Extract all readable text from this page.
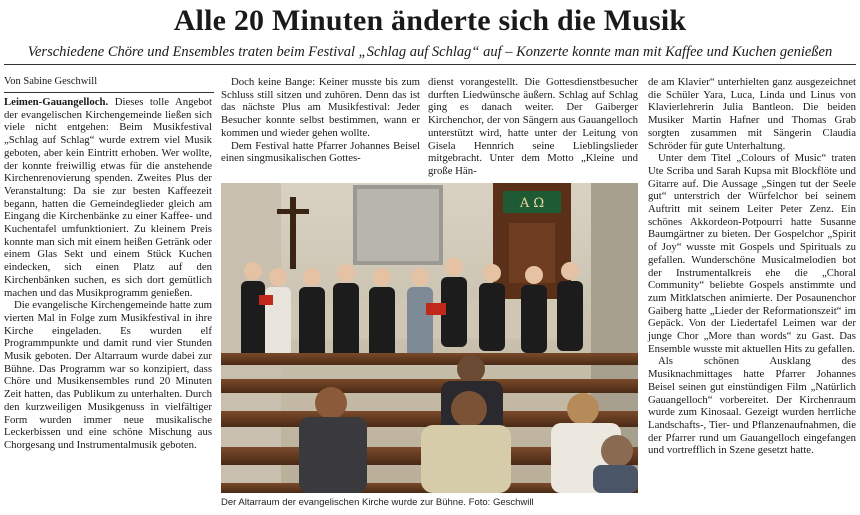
Alle 20 Minuten änderte sich die Musik
Verschiedene Chöre und Ensembles traten beim Festival „Schlag auf Schlag“ auf – Konzerte konnte man mit Kaffee und Kuchen genießen
Von Sabine Geschwill

Leimen-Gauangelloch. Dieses tolle Angebot der evangelischen Kirchengemeinde ließen sich viele nicht entgehen: Beim Musikfestival „Schlag auf Schlag“ wurde extrem viel Musik geboten, aber kein Eintritt erhoben. Wer wollte, der konnte freiwillig etwas für die anstehende Kirchenrenovierung spenden. Zweites Plus der Veranstaltung: Da sie zur besten Kaffeezeit begann, hatten die Gemeindeglieder gleich am Eingang die Kirchenbänke zu einer Kaffee- und Kuchentafel umfunktioniert. Zu kleinem Preis konnte man sich mit einem heißen Getränk oder einem Glas Sekt und einem Stück Kuchen eindecken, sich einen Platz auf den Kirchenbänken suchen, es sich dort gemütlich machen und das Musikprogramm genießen.

Die evangelische Kirchengemeinde hatte zum vierten Mal in Folge zum Musikfestival in ihre Kirche eingeladen. Es wurden elf Programmpunkte und damit rund vier Stunden Musik geboten. Der Altarraum wurde dabei zur Bühne. Das Programm war so konzipiert, dass Chöre und Musikensembles rund 20 Minuten Zeit hatten, das Publikum zu unterhalten. Durch den kurzweiligen Musikgenuss in vielfältiger Form wurden immer neue musikalische Leckerbissen und eine schöne Mischung aus Chorgesang und Instrumentalmusik geboten.

Doch keine Bange: Keiner musste bis zum Schluss still sitzen und zuhören. Denn das ist das nächste Plus am Musikfestival: Jeder Besucher konnte selbst bestimmen, wann er kommen und wieder gehen wollte.

Dem Festival hatte Pfarrer Johannes Beisel einen singmusikalischen Gottes-

dienst vorangestellt. Die Gottesdienstbesucher durften Liedwünsche äußern. Schlag auf Schlag ging es danach weiter. Der Gaiberger Kirchenchor, der von Sängern aus Gauangelloch unterstützt wird, hatte unter der Leitung von Gisela Hennrich seine Lieblingslieder mitgebracht. Unter dem Motto „Kleine und große Hän-

de am Klavier“ unterhielten ganz ausgezeichnet die Schüler Yara, Luca, Linda und Linus von Klavierlehrerin Julia Bantleon. Die beiden Musiker Martin Hafner und Thomas Grab sorgten zusammen mit Sängerin Claudia Schröder für gute Unterhaltung.

Unter dem Titel „Colours of Music“ traten Ute Scriba und Sarah Kupsa mit Blockflöte und Gitarre auf. Die Aussage „Singen tut der Seele gut“ unterstrich der Würfelchor bei seinem Auftritt mit seinem Leiter Peter Zenz. Ein schönes Akkordeon-Potpourri hatte Susanne Baumgärtner zu bieten. Der Gospelchor „Spirit of Joy“ wusste mit Gospels und Spirituals zu gefallen. Wunderschöne Musicalmelodien bot der Instrumentalkreis ehe die „Choral Community“ beliebte Gospels anstimmte und zum Mitklatschen animierte. Der Posaunenchor Gaiberg hatte „Lieder der Reformationszeit“ im Gepäck. Von der Liedertafel Leimen war der junge Chor „More than words“ zu Gast. Das Ensemble wusste mit aktuellen Hits zu gefallen.

Als schönen Ausklang des Musiknachmittages hatte Pfarrer Johannes Beisel seinen gut einstündigen Film „Natürlich Gauangelloch“ vorbereitet. Der Kirchenraum wurde zum Kinosaal. Gezeigt wurden herrliche Landschafts-, Tier- und Pflanzenaufnahmen, die der Pfarrer rund um Gauangelloch eingefangen und vortrefflich in Szene gesetzt hatte.

A Ω
Der Altarraum der evangelischen Kirche wurde zur Bühne. Foto: Geschwill
